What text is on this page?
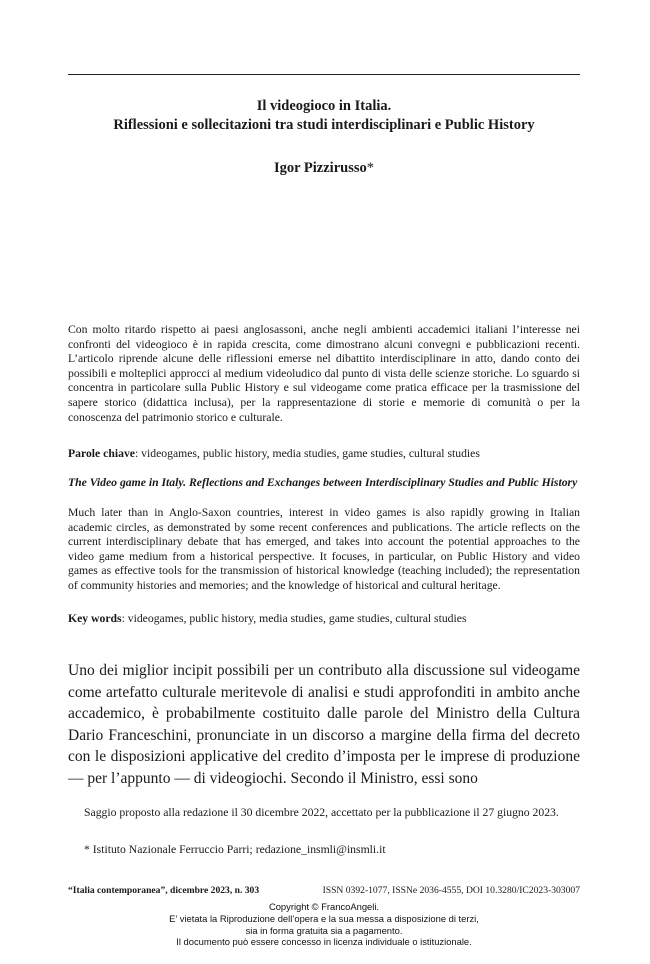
Il videogioco in Italia.
Riflessioni e sollecitazioni tra studi interdisciplinari e Public History
Igor Pizzirusso*

Con molto ritardo rispetto ai paesi anglosassoni, anche negli ambienti accademici italiani l’interesse nei confronti del videogioco è in rapida crescita, come dimostrano alcuni convegni e pubblicazioni recenti. L’articolo riprende alcune delle riflessioni emerse nel dibattito interdisciplinare in atto, dando conto dei possibili e molteplici approcci al medium videoludico dal punto di vista delle scienze storiche. Lo sguardo si concentra in particolare sulla Public History e sul videogame come pratica efficace per la trasmissione del sapere storico (didattica inclusa), per la rappresentazione di storie e memorie di comunità o per la conoscenza del patrimonio storico e culturale.

Parole chiave: videogames, public history, media studies, game studies, cultural studies
The Video game in Italy. Reflections and Exchanges between Interdisciplinary Studies and Public History

Much later than in Anglo-Saxon countries, interest in video games is also rapidly growing in Italian academic circles, as demonstrated by some recent conferences and publications. The article reflects on the current interdisciplinary debate that has emerged, and takes into account the potential approaches to the video game medium from a historical perspective. It focuses, in particular, on Public History and video games as effective tools for the transmission of historical knowledge (teaching included); the representation of community histories and memories; and the knowledge of historical and cultural heritage.

Key words: videogames, public history, media studies, game studies, cultural studies

Uno dei miglior incipit possibili per un contributo alla discussione sul videogame come artefatto culturale meritevole di analisi e studi approfonditi in ambito anche accademico, è probabilmente costituito dalle parole del Ministro della Cultura Dario Franceschini, pronunciate in un discorso a margine della firma del decreto con le disposizioni applicative del credito d’imposta per le imprese di produzione — per l’appunto — di videogiochi. Secondo il Ministro, essi sono

Saggio proposto alla redazione il 30 dicembre 2022, accettato per la pubblicazione il 27 giugno 2023.
* Istituto Nazionale Ferruccio Parri; redazione_insmli@insmli.it
“Italia contemporanea”, dicembre 2023, n. 303	ISSN 0392-1077, ISSNe 2036-4555, DOI 10.3280/IC2023-303007
Copyright © FrancoAngeli.
E’ vietata la Riproduzione dell’opera e la sua messa a disposizione di terzi,
sia in forma gratuita sia a pagamento.
Il documento può essere concesso in licenza individuale o istituzionale.
